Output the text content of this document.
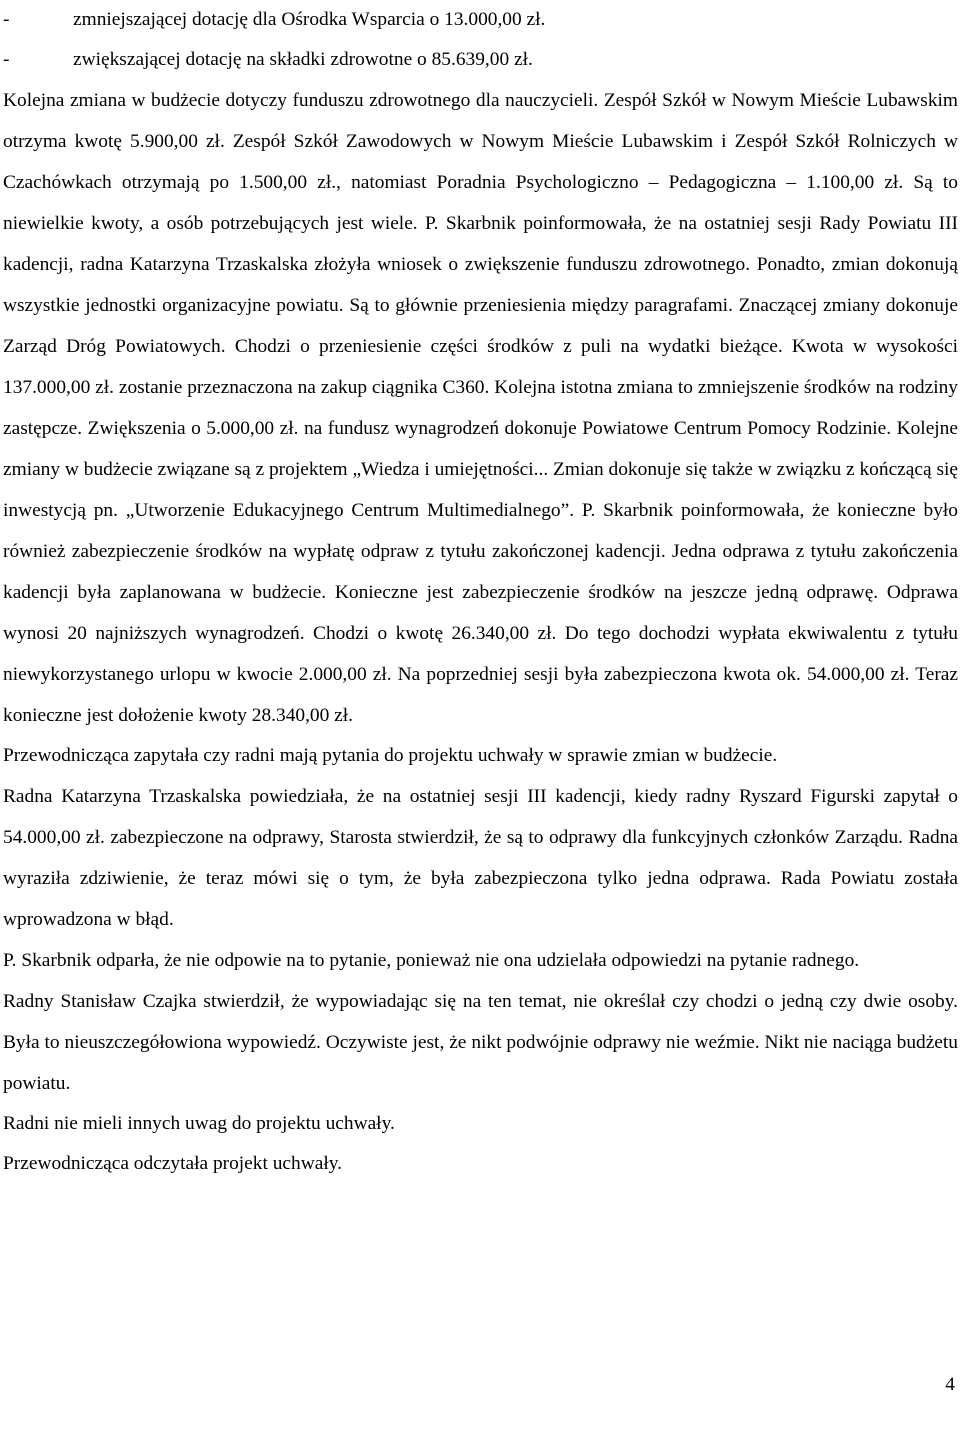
-	zmniejszającej dotację dla Ośrodka Wsparcia o 13.000,00 zł.

-	zwiększającej dotację na składki zdrowotne o 85.639,00 zł.

Kolejna zmiana w budżecie dotyczy funduszu zdrowotnego dla nauczycieli. Zespół Szkół w Nowym Mieście Lubawskim otrzyma kwotę 5.900,00 zł. Zespół Szkół Zawodowych w Nowym Mieście Lubawskim i Zespół Szkół Rolniczych w Czachówkach otrzymają po 1.500,00 zł., natomiast Poradnia Psychologiczno – Pedagogiczna – 1.100,00 zł. Są to niewielkie kwoty, a osób potrzebujących jest wiele. P. Skarbnik poinformowała, że na ostatniej sesji Rady Powiatu III kadencji, radna Katarzyna Trzaskalska złożyła wniosek o zwiększenie funduszu zdrowotnego. Ponadto, zmian dokonują wszystkie jednostki organizacyjne powiatu. Są to głównie przeniesienia między paragrafami. Znaczącej zmiany dokonuje Zarząd Dróg Powiatowych. Chodzi o przeniesienie części środków z puli na wydatki bieżące. Kwota w wysokości 137.000,00 zł. zostanie przeznaczona na zakup ciągnika C360. Kolejna istotna zmiana to zmniejszenie środków na rodziny zastępcze. Zwiększenia o 5.000,00 zł. na fundusz wynagrodzeń dokonuje Powiatowe Centrum Pomocy Rodzinie. Kolejne zmiany w budżecie związane są z projektem „Wiedza i umiejętności... Zmian dokonuje się także w związku z kończącą się inwestycją pn. „Utworzenie Edukacyjnego Centrum Multimedialnego”. P. Skarbnik poinformowała, że konieczne było również zabezpieczenie środków na wypłatę odpraw z tytułu zakończonej kadencji. Jedna odprawa z tytułu zakończenia kadencji była zaplanowana w budżecie. Konieczne jest zabezpieczenie środków na jeszcze jedną odprawę. Odprawa wynosi 20 najniższych wynagrodzeń. Chodzi o kwotę 26.340,00 zł. Do tego dochodzi wypłata ekwiwalentu z tytułu niewykorzystanego urlopu w kwocie 2.000,00 zł. Na poprzedniej sesji była zabezpieczona kwota ok. 54.000,00 zł. Teraz konieczne jest dołożenie kwoty 28.340,00 zł.

Przewodnicząca zapytała czy radni mają pytania do projektu uchwały w sprawie zmian w budżecie.

Radna Katarzyna Trzaskalska powiedziała, że na ostatniej sesji III kadencji, kiedy radny Ryszard Figurski zapytał o 54.000,00 zł. zabezpieczone na odprawy, Starosta stwierdził, że są to odprawy dla funkcyjnych członków Zarządu. Radna wyraziła zdziwienie, że teraz mówi się o tym, że była zabezpieczona tylko jedna odprawa. Rada Powiatu została wprowadzona w błąd.

P. Skarbnik odparła, że nie odpowie na to pytanie, ponieważ nie ona udzielała odpowiedzi na pytanie radnego.

Radny Stanisław Czajka stwierdził, że wypowiadając się na ten temat, nie określał czy chodzi o jedną czy dwie osoby. Była to nieuszczegółowiona wypowiedź. Oczywiste jest, że nikt podwójnie odprawy nie weźmie. Nikt nie naciąga budżetu powiatu.

Radni nie mieli innych uwag do projektu uchwały.

Przewodnicząca odczytała projekt uchwały.

4
